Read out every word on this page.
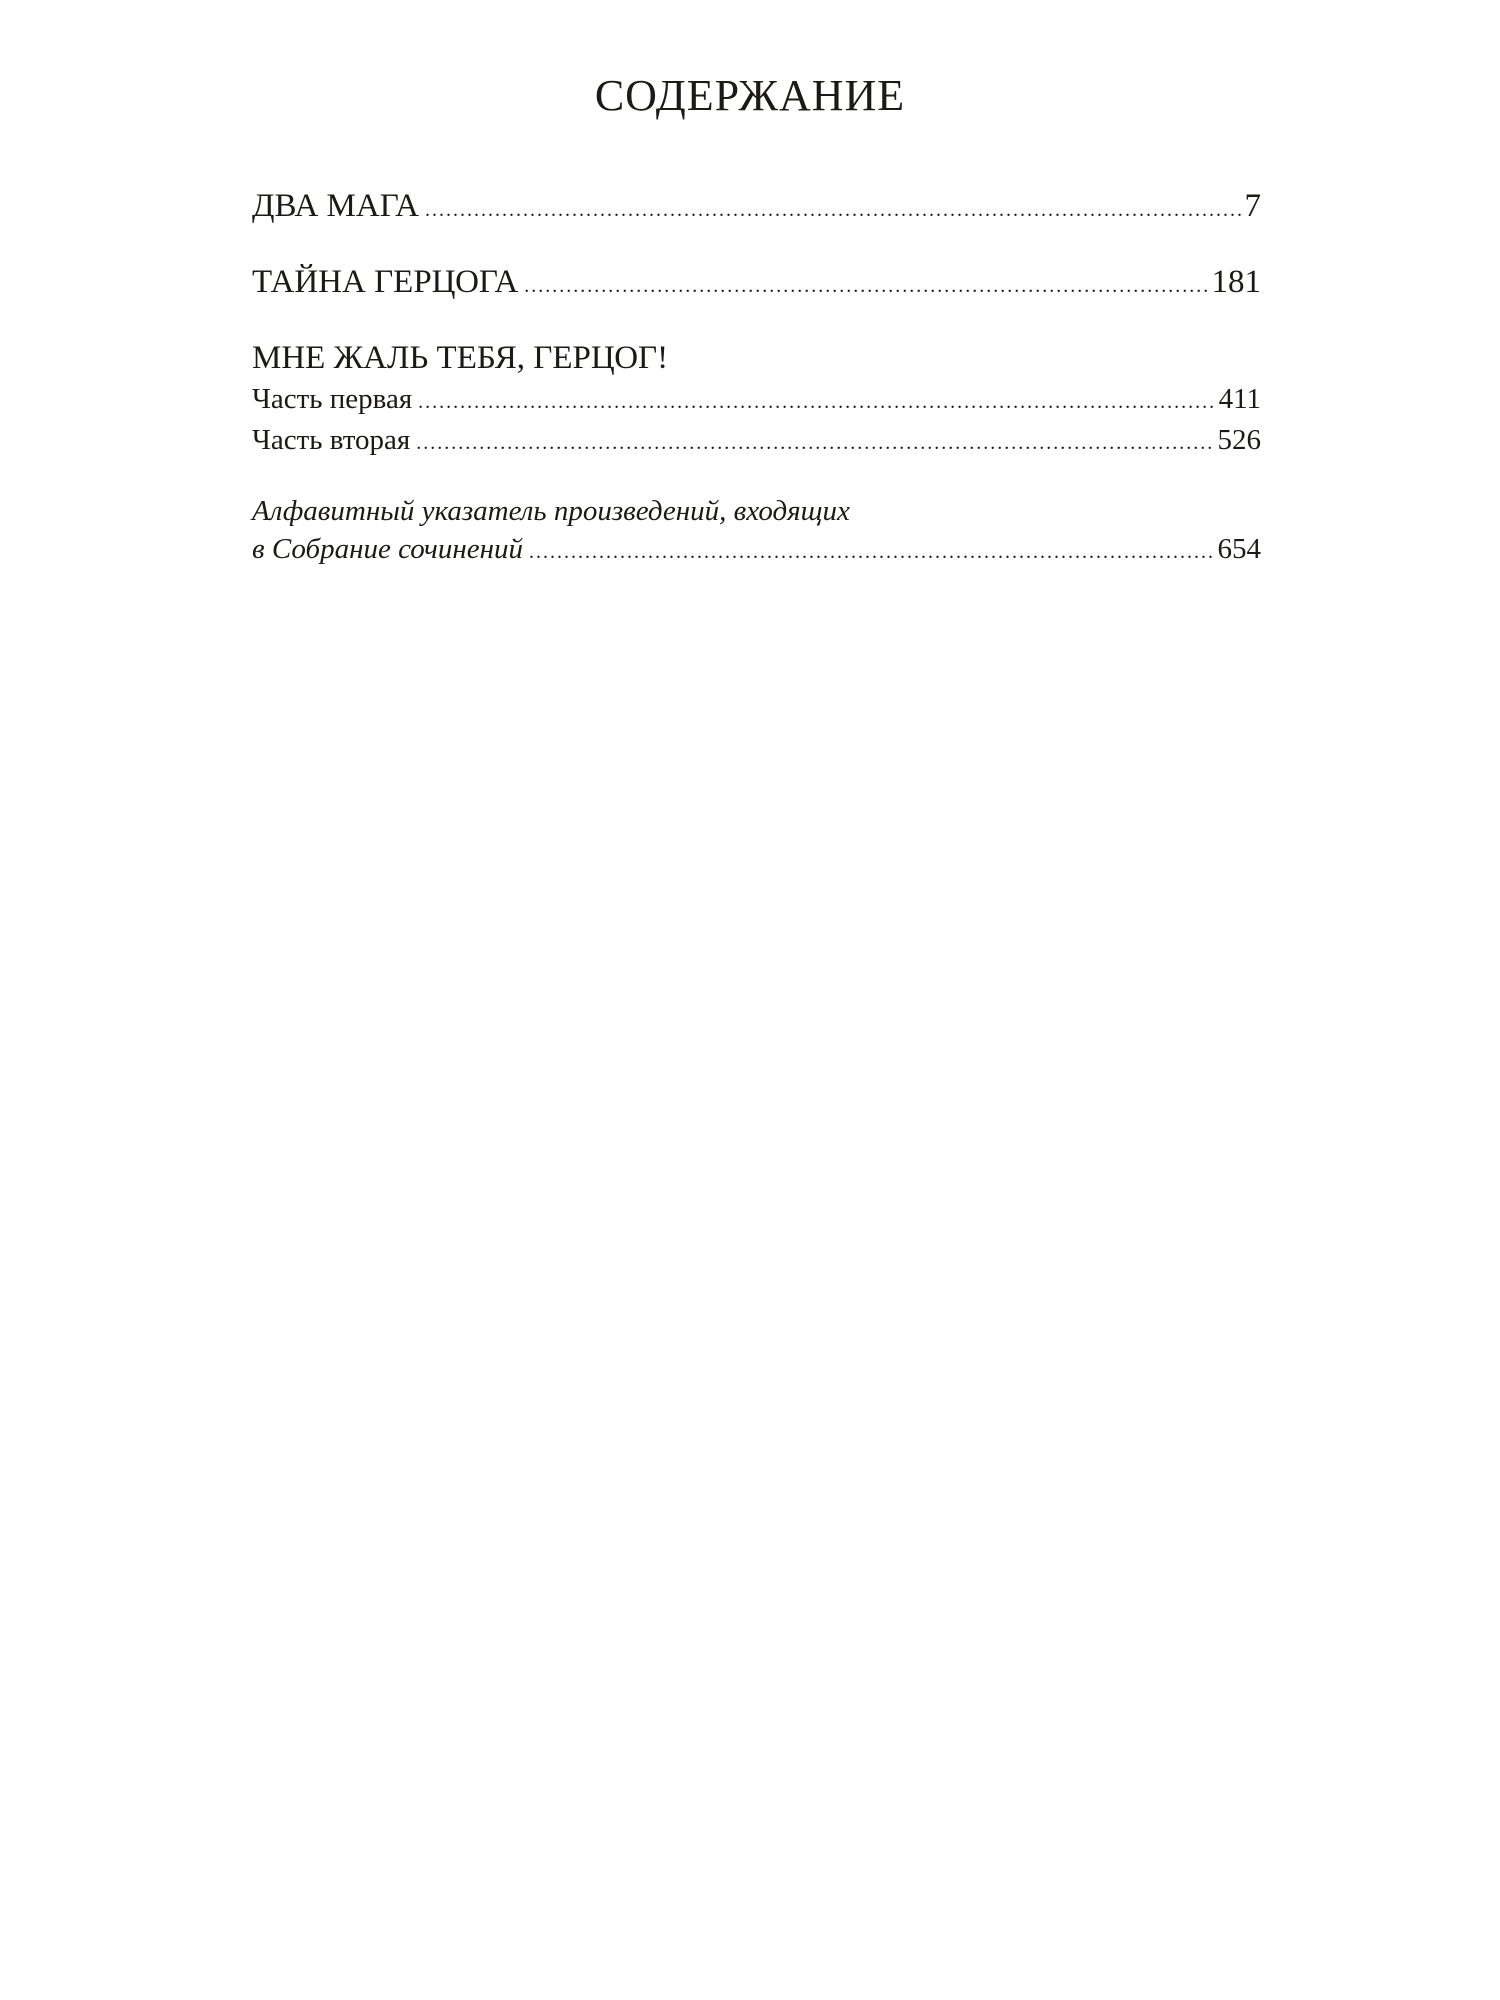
СОДЕРЖАНИЕ
ДВА МАГА .....	7
ТАЙНА ГЕРЦОГА .....	181
МНЕ ЖАЛЬ ТЕБЯ, ГЕРЦОГ!
Часть первая .....	411
Часть вторая .....	526
Алфавитный указатель произведений, входящих
в Собрание сочинений .....	654
